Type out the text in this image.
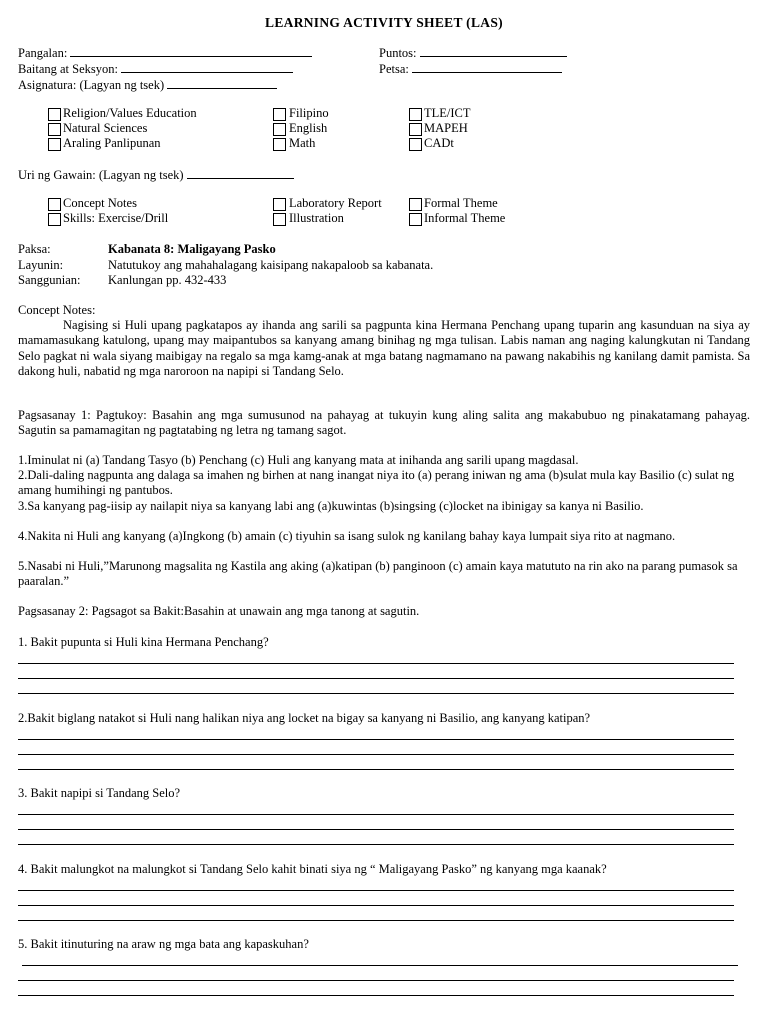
LEARNING ACTIVITY SHEET (LAS)
Pangalan:	Puntos:
Baitang at Seksyon:	Petsa:
Asignatura: (Lagyan ng tsek)
Religion/Values Education
Natural Sciences
Araling Panlipunan
Filipino
English
Math
TLE/ICT
MAPEH
CADt
Uri ng Gawain: (Lagyan ng tsek)
Concept Notes
Skills: Exercise/Drill
Laboratory Report
Illustration
Formal Theme
Informal Theme
Paksa:	Kabanata 8: Maligayang Pasko
Layunin:	Natutukoy ang mahahalagang kaisipang nakapaloob sa kabanata.
Sanggunian: Kanlungan pp. 432-433
Concept Notes:
Nagising si Huli upang pagkatapos ay ihanda ang sarili sa pagpunta kina Hermana Penchang upang tuparin ang kasunduan na siya ay mamamasukang katulong, upang may maipantubos sa kanyang amang binihag ng mga tulisan. Labis naman ang naging kalungkutan ni Tandang Selo pagkat ni wala siyang maibigay na regalo sa mga kamg-anak at mga batang nagmamano na pawang nakabihis ng kanilang damit pamista. Sa dakong huli, nabatid ng mga naroroon na napipi si Tandang Selo.
Pagsasanay 1: Pagtukoy: Basahin ang mga sumusunod na pahayag at tukuyin kung aling salita ang makabubuo ng pinakatamang pahayag. Sagutin sa pamamagitan ng pagtatabing ng letra ng tamang sagot.
1.Iminulat ni (a) Tandang Tasyo (b) Penchang (c) Huli ang kanyang mata at inihanda ang sarili upang magdasal.
2.Dali-daling nagpunta ang dalaga sa imahen ng birhen at nang inangat niya ito (a) perang iniwan ng ama (b)sulat mula kay Basilio (c) sulat ng amang humihingi ng pantubos.
3.Sa kanyang pag-iisip ay nailapit niya sa kanyang labi ang (a)kuwintas (b)singsing (c)locket na ibinigay sa kanya ni Basilio.
4.Nakita ni Huli ang kanyang (a)Ingkong (b) amain (c) tiyuhin sa isang sulok ng kanilang bahay kaya lumpait siya rito at nagmano.
5.Nasabi ni Huli,”Marunong magsalita ng Kastila ang aking (a)katipan (b) panginoon (c) amain kaya matututo na rin ako na parang pumasok sa paaralan.”
Pagsasanay 2: Pagsagot sa Bakit:Basahin at unawain ang mga tanong at sagutin.
1. Bakit pupunta si Huli kina Hermana Penchang?
2.Bakit biglang natakot si Huli nang halikan niya ang locket na bigay sa kanyang ni Basilio, ang kanyang katipan?
3. Bakit napipi si Tandang Selo?
4. Bakit malungkot na malungkot si Tandang Selo kahit binati siya ng “ Maligayang Pasko” ng kanyang mga kaanak?
5. Bakit itinuturing na araw ng mga bata ang kapaskuhan?
